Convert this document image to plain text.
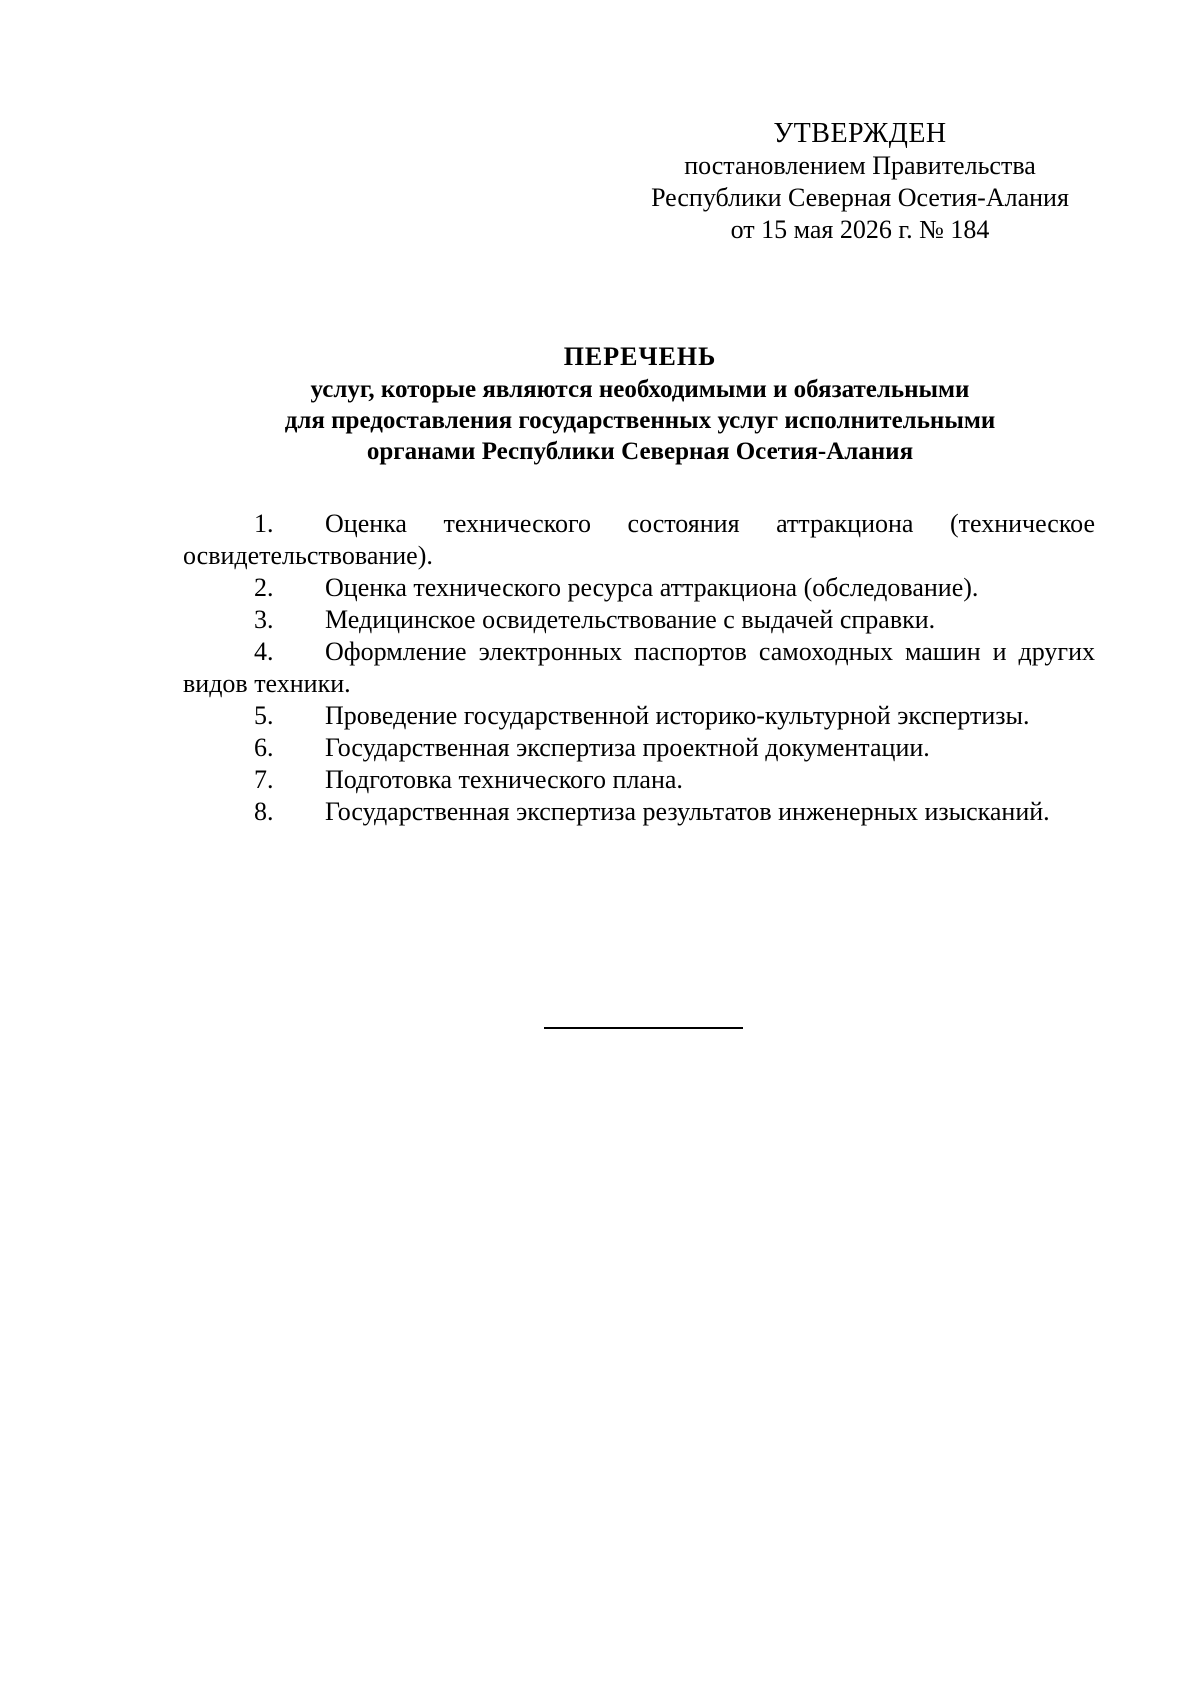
УТВЕРЖДЕН
постановлением Правительства
Республики Северная Осетия-Алания
от 15 мая 2026 г. № 184
ПЕРЕЧЕНЬ
услуг, которые являются необходимыми и обязательными
для предоставления государственных услуг исполнительными
органами Республики Северная Осетия-Алания
1. Оценка технического состояния аттракциона (техническое освидетельствование).
2. Оценка технического ресурса аттракциона (обследование).
3. Медицинское освидетельствование с выдачей справки.
4. Оформление электронных паспортов самоходных машин и других видов техники.
5. Проведение государственной историко-культурной экспертизы.
6. Государственная экспертиза проектной документации.
7. Подготовка технического плана.
8. Государственная экспертиза результатов инженерных изысканий.
